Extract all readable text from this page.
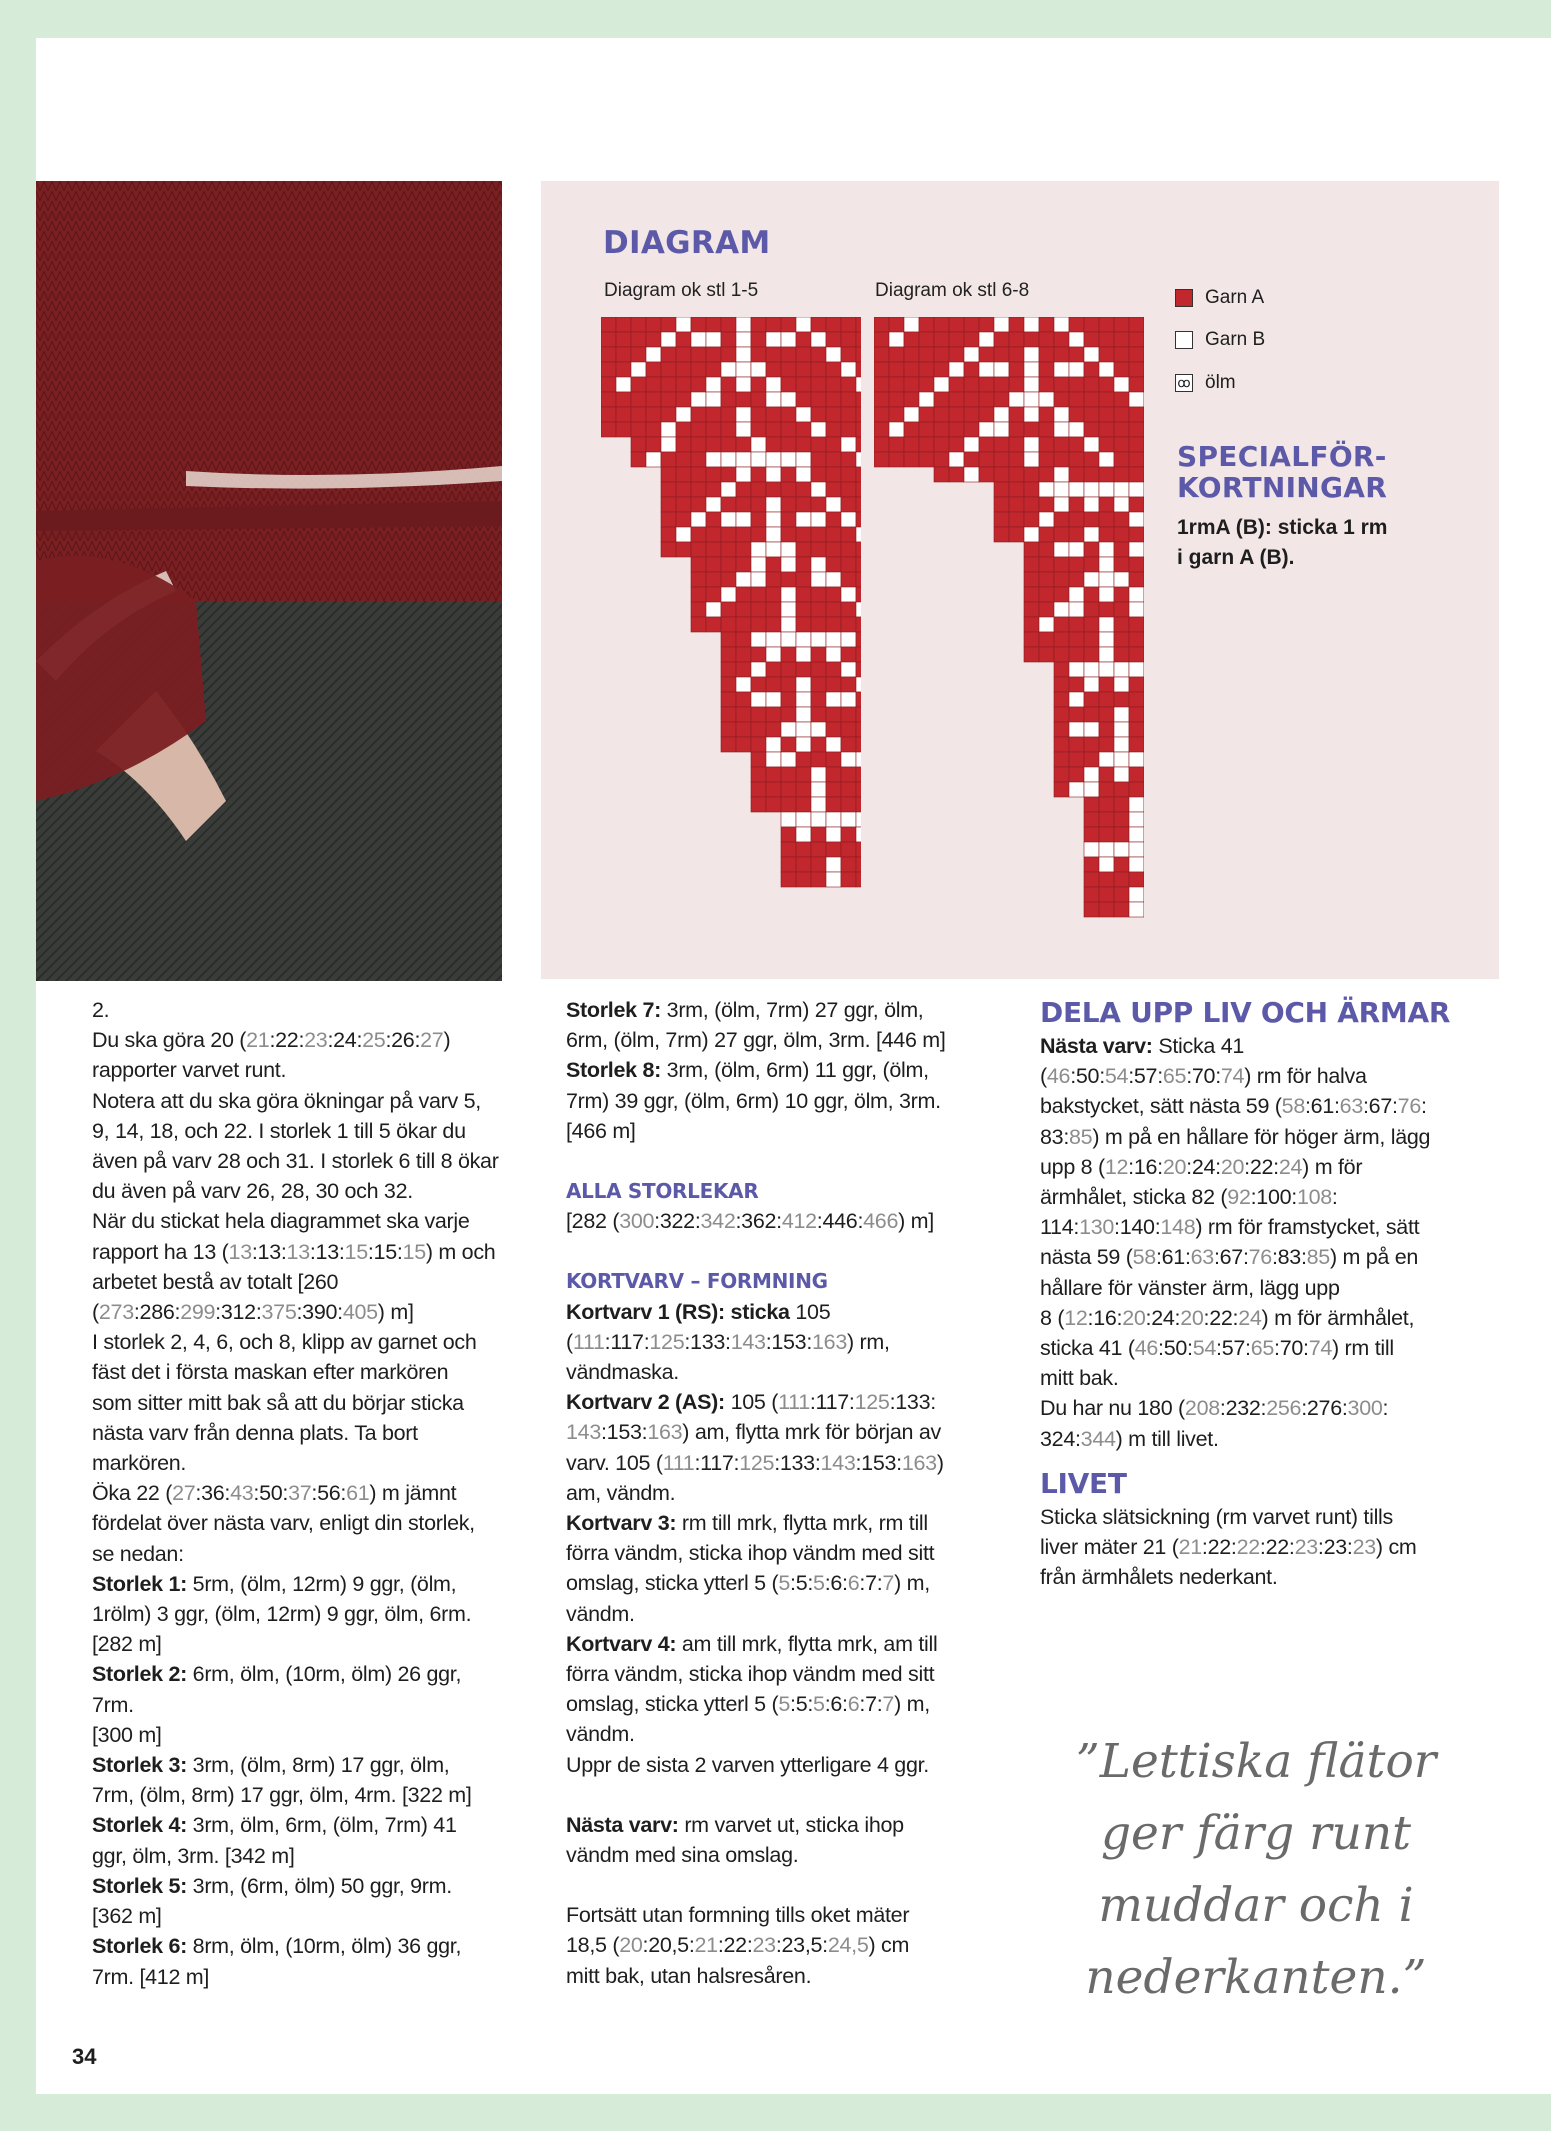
DIAGRAM
Diagram ok stl 1-5	Diagram ok stl 6-8	Garn A
Garn B
ꝏ ölm
SPECIALFÖR-
KORTNINGAR
1rmA (B): sticka 1 rm
i garn A (B).

2.

Du ska göra 20 (21:22:23:24:25:26:27)

rapporter varvet runt.

Notera att du ska göra ökningar på varv 5,

9, 14, 18, och 22. I storlek 1 till 5 ökar du

även på varv 28 och 31. I storlek 6 till 8 ökar

du även på varv 26, 28, 30 och 32.

När du stickat hela diagrammet ska varje

rapport ha 13 (13:13:13:13:15:15:15) m och

arbetet bestå av totalt [260

(273:286:299:312:375:390:405) m]

I storlek 2, 4, 6, och 8, klipp av garnet och

fäst det i första maskan efter markören

som sitter mitt bak så att du börjar sticka

nästa varv från denna plats. Ta bort

markören.

Öka 22 (27:36:43:50:37:56:61) m jämnt

fördelat över nästa varv, enligt din storlek,

se nedan:

Storlek 1: 5rm, (ölm, 12rm) 9 ggr, (ölm,

1rölm) 3 ggr, (ölm, 12rm) 9 ggr, ölm, 6rm.

[282 m]

Storlek 2: 6rm, ölm, (10rm, ölm) 26 ggr,

7rm.

[300 m]

Storlek 3: 3rm, (ölm, 8rm) 17 ggr, ölm,

7rm, (ölm, 8rm) 17 ggr, ölm, 4rm. [322 m]

Storlek 4: 3rm, ölm, 6rm, (ölm, 7rm) 41

ggr, ölm, 3rm. [342 m]

Storlek 5: 3rm, (6rm, ölm) 50 ggr, 9rm.

[362 m]

Storlek 6: 8rm, ölm, (10rm, ölm) 36 ggr,

7rm. [412 m]

Storlek 7: 3rm, (ölm, 7rm) 27 ggr, ölm,

6rm, (ölm, 7rm) 27 ggr, ölm, 3rm. [446 m]

Storlek 8: 3rm, (ölm, 6rm) 11 ggr, (ölm,

7rm) 39 ggr, (ölm, 6rm) 10 ggr, ölm, 3rm.

[466 m]

ALLA STORLEKAR

[282 (300:322:342:362:412:446:466) m]

KORTVARV – FORMNING

Kortvarv 1 (RS): sticka 105

(111:117:125:133:143:153:163) rm,

vändmaska.

Kortvarv 2 (AS): 105 (111:117:125:133:

143:153:163) am, flytta mrk för början av

varv. 105 (111:117:125:133:143:153:163)

am, vändm.

Kortvarv 3: rm till mrk, flytta mrk, rm till

förra vändm, sticka ihop vändm med sitt

omslag, sticka ytterl 5 (5:5:5:6:6:7:7) m,

vändm.

Kortvarv 4: am till mrk, flytta mrk, am till

förra vändm, sticka ihop vändm med sitt

omslag, sticka ytterl 5 (5:5:5:6:6:7:7) m,

vändm.

Uppr de sista 2 varven ytterligare 4 ggr.

Nästa varv: rm varvet ut, sticka ihop

vändm med sina omslag.

Fortsätt utan formning tills oket mäter

18,5 (20:20,5:21:22:23:23,5:24,5) cm

mitt bak, utan halsresåren.

DELA UPP LIV OCH ÄRMAR

Nästa varv: Sticka 41

(46:50:54:57:65:70:74) rm för halva

bakstycket, sätt nästa 59 (58:61:63:67:76:

83:85) m på en hållare för höger ärm, lägg

upp 8 (12:16:20:24:20:22:24) m för

ärmhålet, sticka 82 (92:100:108:

114:130:140:148) rm för framstycket, sätt

nästa 59 (58:61:63:67:76:83:85) m på en

hållare för vänster ärm, lägg upp

8 (12:16:20:24:20:22:24) m för ärmhålet,

sticka 41 (46:50:54:57:65:70:74) rm till

mitt bak.

Du har nu 180 (208:232:256:276:300:

324:344) m till livet.

LIVET

Sticka slätsickning (rm varvet runt) tills

liver mäter 21 (21:22:22:22:23:23:23) cm

från ärmhålets nederkant.

”Lettiska flätor
ger färg runt
muddar och i
nederkanten.”
34
